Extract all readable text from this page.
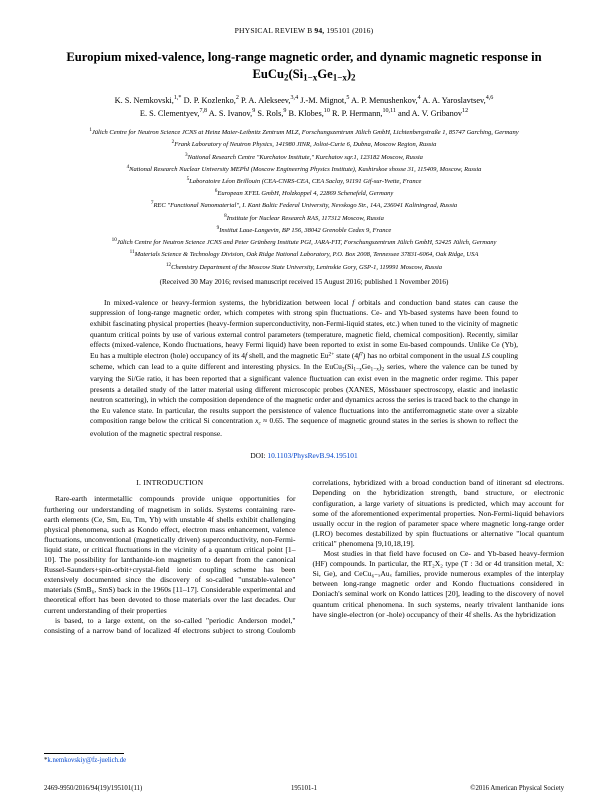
PHYSICAL REVIEW B 94, 195101 (2016)
Europium mixed-valence, long-range magnetic order, and dynamic magnetic response in
$EuCu_2(Si_{1-x}Ge_{1-x})_2$
K. S. Nemkovski,$^{1,*}$ D. P. Kozlenko,$^2$ P. A. Alekseev,$^{3,4}$ J.-M. Mignot,$^5$ A. P. Menushenkov,$^4$ A. A. Yaroslavtsev,$^{4,6}$
E. S. Clementyev,$^{7,8}$ A. S. Ivanov,$^9$ S. Rols,$^9$ B. Klobes,$^{10}$ R. P. Hermann,$^{10,11}$ and A. V. Gribanov$^{12}$
$^1$Jülich Centre for Neutron Science JCNS at Heinz Maier-Leibnitz Zentrum MLZ, Forschungszentrum Jülich GmbH, Lichtenbergstraße 1, 85747 Garching, Germany
$^2$Frank Laboratory of Neutron Physics, 141980 JINR, Joliot-Curie 6, Dubna, Moscow Region, Russia
$^3$National Research Centre "Kurchatov Institute," Kurchatov sqr.1, 123182 Moscow, Russia
$^4$National Research Nuclear University MEPhI (Moscow Engineering Physics Institute), Kashirskoe shosse 31, 115409, Moscow, Russia
$^5$Laboratoire Léon Brillouin (CEA-CNRS-CEA, CEA Saclay, 91191 Gif-sur-Yvette, France
$^6$European XFEL GmbH, Holzkoppel 4, 22869 Schenefeld, Germany
$^7$REC "Functional Nanomaterial", I. Kant Baltic Federal University, Nevskogo Str., 14A, 236041 Kaliningrad, Russia
$^8$Institute for Nuclear Research RAS, 117312 Moscow, Russia
$^9$Institut Laue-Langevin, BP 156, 38042 Grenoble Cedex 9, France
$^{10}$Jülich Centre for Neutron Science JCNS and Peter Grünberg Institute PGI, JARA-FIT, Forschungszentrum Jülich GmbH, 52425 Jülich, Germany
$^{11}$Materials Science & Technology Division, Oak Ridge National Laboratory, P.O. Box 2008, Tennessee 37831-6064, Oak Ridge, USA
$^{12}$Chemistry Department of the Moscow State University, Leninskie Gory, GSP-1, 119991 Moscow, Russia
(Received 30 May 2016; revised manuscript received 15 August 2016; published 1 November 2016)
In mixed-valence or heavy-fermion systems, the hybridization between local f orbitals and conduction band states can cause the suppression of long-range magnetic order, which competes with strong spin fluctuations. Ce- and Yb-based systems have been found to exhibit fascinating physical properties (heavy-fermion superconductivity, non-Fermi-liquid states, etc.) when tuned to the vicinity of magnetic quantum critical points by use of various external control parameters (temperature, magnetic field, chemical composition). Recently, similar effects (mixed-valence, Kondo fluctuations, heavy Fermi liquid) have been reported to exist in some Eu-based compounds. Unlike Ce (Yb), Eu has a multiple electron (hole) occupancy of its 4f shell, and the magnetic $Eu^{2+}$ state $(4f^7)$ has no orbital component in the usual LS coupling scheme, which can lead to a quite different and interesting physics. In the $EuCu_2(Si_{1-x}Ge_{1-x})_2$ series, where the valence can be tuned by varying the Si/Ge ratio, it has been reported that a significant valence fluctuation can exist even in the magnetic order regime. This paper presents a detailed study of the latter material using different microscopic probes (XANES, Mössbauer spectroscopy, elastic and inelastic neutron scattering), in which the composition dependence of the magnetic order and dynamics across the series is traced back to the change in the Eu valence state. In particular, the results support the persistence of valence fluctuations into the antiferromagnetic state over a sizable composition range below the critical Si concentration $x_c \approx 0.65$. The sequence of magnetic ground states in the series is shown to reflect the evolution of the magnetic spectral response.
DOI: 10.1103/PhysRevB.94.195101
I. INTRODUCTION

Rare-earth intermetallic compounds provide unique opportunities for furthering our understanding of magnetism in solids. Systems containing rare-earth elements (Ce, Sm, Eu, Tm, Yb) with unstable 4f shells exhibit challenging physical phenomena, such as Kondo effect, electron mass enhancement, valence fluctuations, unconventional (magnetically driven) superconductivity, non-Fermi-liquid state, or critical fluctuations in the vicinity of a quantum critical point [1–10]. The possibility for lanthanide-ion magnetism to depart from the canonical Russel-Saunders+spin-orbit+crystal-field ionic coupling scheme has been extensively documented since the discovery of so-called "unstable-valence" materials (SmB₆, SmS) back in the 1960s [11–17]. Considerable experimental and theoretical effort has been devoted to those materials over the last decades. Our current understanding of their properties

is based, to a large extent, on the so-called "periodic Anderson model," consisting of a narrow band of localized 4f electrons subject to strong Coulomb correlations, hybridized with a broad conduction band of itinerant sd electrons. Depending on the hybridization strength, band structure, or electronic configuration, a large variety of situations is predicted, which may account for some of the aforementioned experimental properties. Non-Fermi-liquid behaviors usually occur in the region of parameter space where magnetic long-range order (LRO) becomes destabilized by spin fluctuations or alternative "local quantum critical" phenomena [9,10,18,19].

Most studies in that field have focused on Ce- and Yb-based heavy-fermion (HF) compounds. In particular, the RT₂X₂ type (T : 3d or 4d transition metal, X: Si, Ge), and CeCu₆₋ₓAuₓ families, provide numerous examples of the interplay between long-range magnetic order and Kondo fluctuations considered in Doniach's seminal work on Kondo lattices [20], leading to the discovery of novel quantum critical phenomena. In such systems, nearly trivalent lanthanide ions have single-electron (or -hole) occupancy of their 4f shells. As the hybridization

*k.nemkovskiy@fz-juelich.de
2469-9950/2016/94(19)/195101(11)	195101-1	©2016 American Physical Society
